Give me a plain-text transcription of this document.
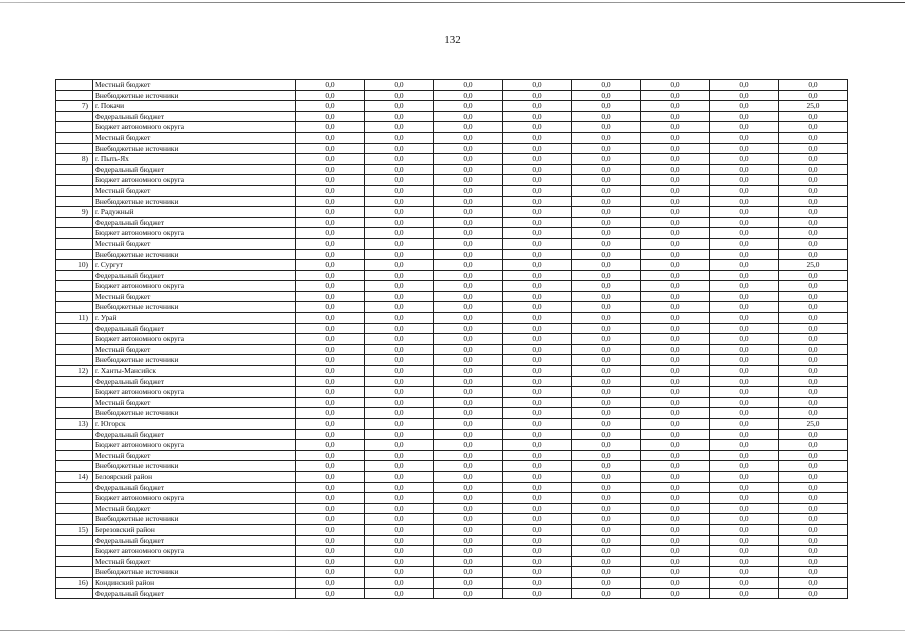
132
	Местный бюджет	0,0	0,0	0,0	0,0	0,0	0,0	0,0	0,0
	Внебюджетные источники	0,0	0,0	0,0	0,0	0,0	0,0	0,0	0,0
7)	г. Покачи	0,0	0,0	0,0	0,0	0,0	0,0	0,0	25,0
	Федеральный бюджет	0,0	0,0	0,0	0,0	0,0	0,0	0,0	0,0
	Бюджет автономного округа	0,0	0,0	0,0	0,0	0,0	0,0	0,0	0,0
	Местный бюджет	0,0	0,0	0,0	0,0	0,0	0,0	0,0	0,0
	Внебюджетные источники	0,0	0,0	0,0	0,0	0,0	0,0	0,0	0,0
8)	г. Пыть-Ях	0,0	0,0	0,0	0,0	0,0	0,0	0,0	0,0
	Федеральный бюджет	0,0	0,0	0,0	0,0	0,0	0,0	0,0	0,0
	Бюджет автономного округа	0,0	0,0	0,0	0,0	0,0	0,0	0,0	0,0
	Местный бюджет	0,0	0,0	0,0	0,0	0,0	0,0	0,0	0,0
	Внебюджетные источники	0,0	0,0	0,0	0,0	0,0	0,0	0,0	0,0
9)	г. Радужный	0,0	0,0	0,0	0,0	0,0	0,0	0,0	0,0
	Федеральный бюджет	0,0	0,0	0,0	0,0	0,0	0,0	0,0	0,0
	Бюджет автономного округа	0,0	0,0	0,0	0,0	0,0	0,0	0,0	0,0
	Местный бюджет	0,0	0,0	0,0	0,0	0,0	0,0	0,0	0,0
	Внебюджетные источники	0,0	0,0	0,0	0,0	0,0	0,0	0,0	0,0
10)	г. Сургут	0,0	0,0	0,0	0,0	0,0	0,0	0,0	25,0
	Федеральный бюджет	0,0	0,0	0,0	0,0	0,0	0,0	0,0	0,0
	Бюджет автономного округа	0,0	0,0	0,0	0,0	0,0	0,0	0,0	0,0
	Местный бюджет	0,0	0,0	0,0	0,0	0,0	0,0	0,0	0,0
	Внебюджетные источники	0,0	0,0	0,0	0,0	0,0	0,0	0,0	0,0
11)	г. Урай	0,0	0,0	0,0	0,0	0,0	0,0	0,0	0,0
	Федеральный бюджет	0,0	0,0	0,0	0,0	0,0	0,0	0,0	0,0
	Бюджет автономного округа	0,0	0,0	0,0	0,0	0,0	0,0	0,0	0,0
	Местный бюджет	0,0	0,0	0,0	0,0	0,0	0,0	0,0	0,0
	Внебюджетные источники	0,0	0,0	0,0	0,0	0,0	0,0	0,0	0,0
12)	г. Ханты-Мансийск	0,0	0,0	0,0	0,0	0,0	0,0	0,0	0,0
	Федеральный бюджет	0,0	0,0	0,0	0,0	0,0	0,0	0,0	0,0
	Бюджет автономного округа	0,0	0,0	0,0	0,0	0,0	0,0	0,0	0,0
	Местный бюджет	0,0	0,0	0,0	0,0	0,0	0,0	0,0	0,0
	Внебюджетные источники	0,0	0,0	0,0	0,0	0,0	0,0	0,0	0,0
13)	г. Югорск	0,0	0,0	0,0	0,0	0,0	0,0	0,0	25,0
	Федеральный бюджет	0,0	0,0	0,0	0,0	0,0	0,0	0,0	0,0
	Бюджет автономного округа	0,0	0,0	0,0	0,0	0,0	0,0	0,0	0,0
	Местный бюджет	0,0	0,0	0,0	0,0	0,0	0,0	0,0	0,0
	Внебюджетные источники	0,0	0,0	0,0	0,0	0,0	0,0	0,0	0,0
14)	Белоярский район	0,0	0,0	0,0	0,0	0,0	0,0	0,0	0,0
	Федеральный бюджет	0,0	0,0	0,0	0,0	0,0	0,0	0,0	0,0
	Бюджет автономного округа	0,0	0,0	0,0	0,0	0,0	0,0	0,0	0,0
	Местный бюджет	0,0	0,0	0,0	0,0	0,0	0,0	0,0	0,0
	Внебюджетные источники	0,0	0,0	0,0	0,0	0,0	0,0	0,0	0,0
15)	Березовский район	0,0	0,0	0,0	0,0	0,0	0,0	0,0	0,0
	Федеральный бюджет	0,0	0,0	0,0	0,0	0,0	0,0	0,0	0,0
	Бюджет автономного округа	0,0	0,0	0,0	0,0	0,0	0,0	0,0	0,0
	Местный бюджет	0,0	0,0	0,0	0,0	0,0	0,0	0,0	0,0
	Внебюджетные источники	0,0	0,0	0,0	0,0	0,0	0,0	0,0	0,0
16)	Кондинский район	0,0	0,0	0,0	0,0	0,0	0,0	0,0	0,0
	Федеральный бюджет	0,0	0,0	0,0	0,0	0,0	0,0	0,0	0,0
